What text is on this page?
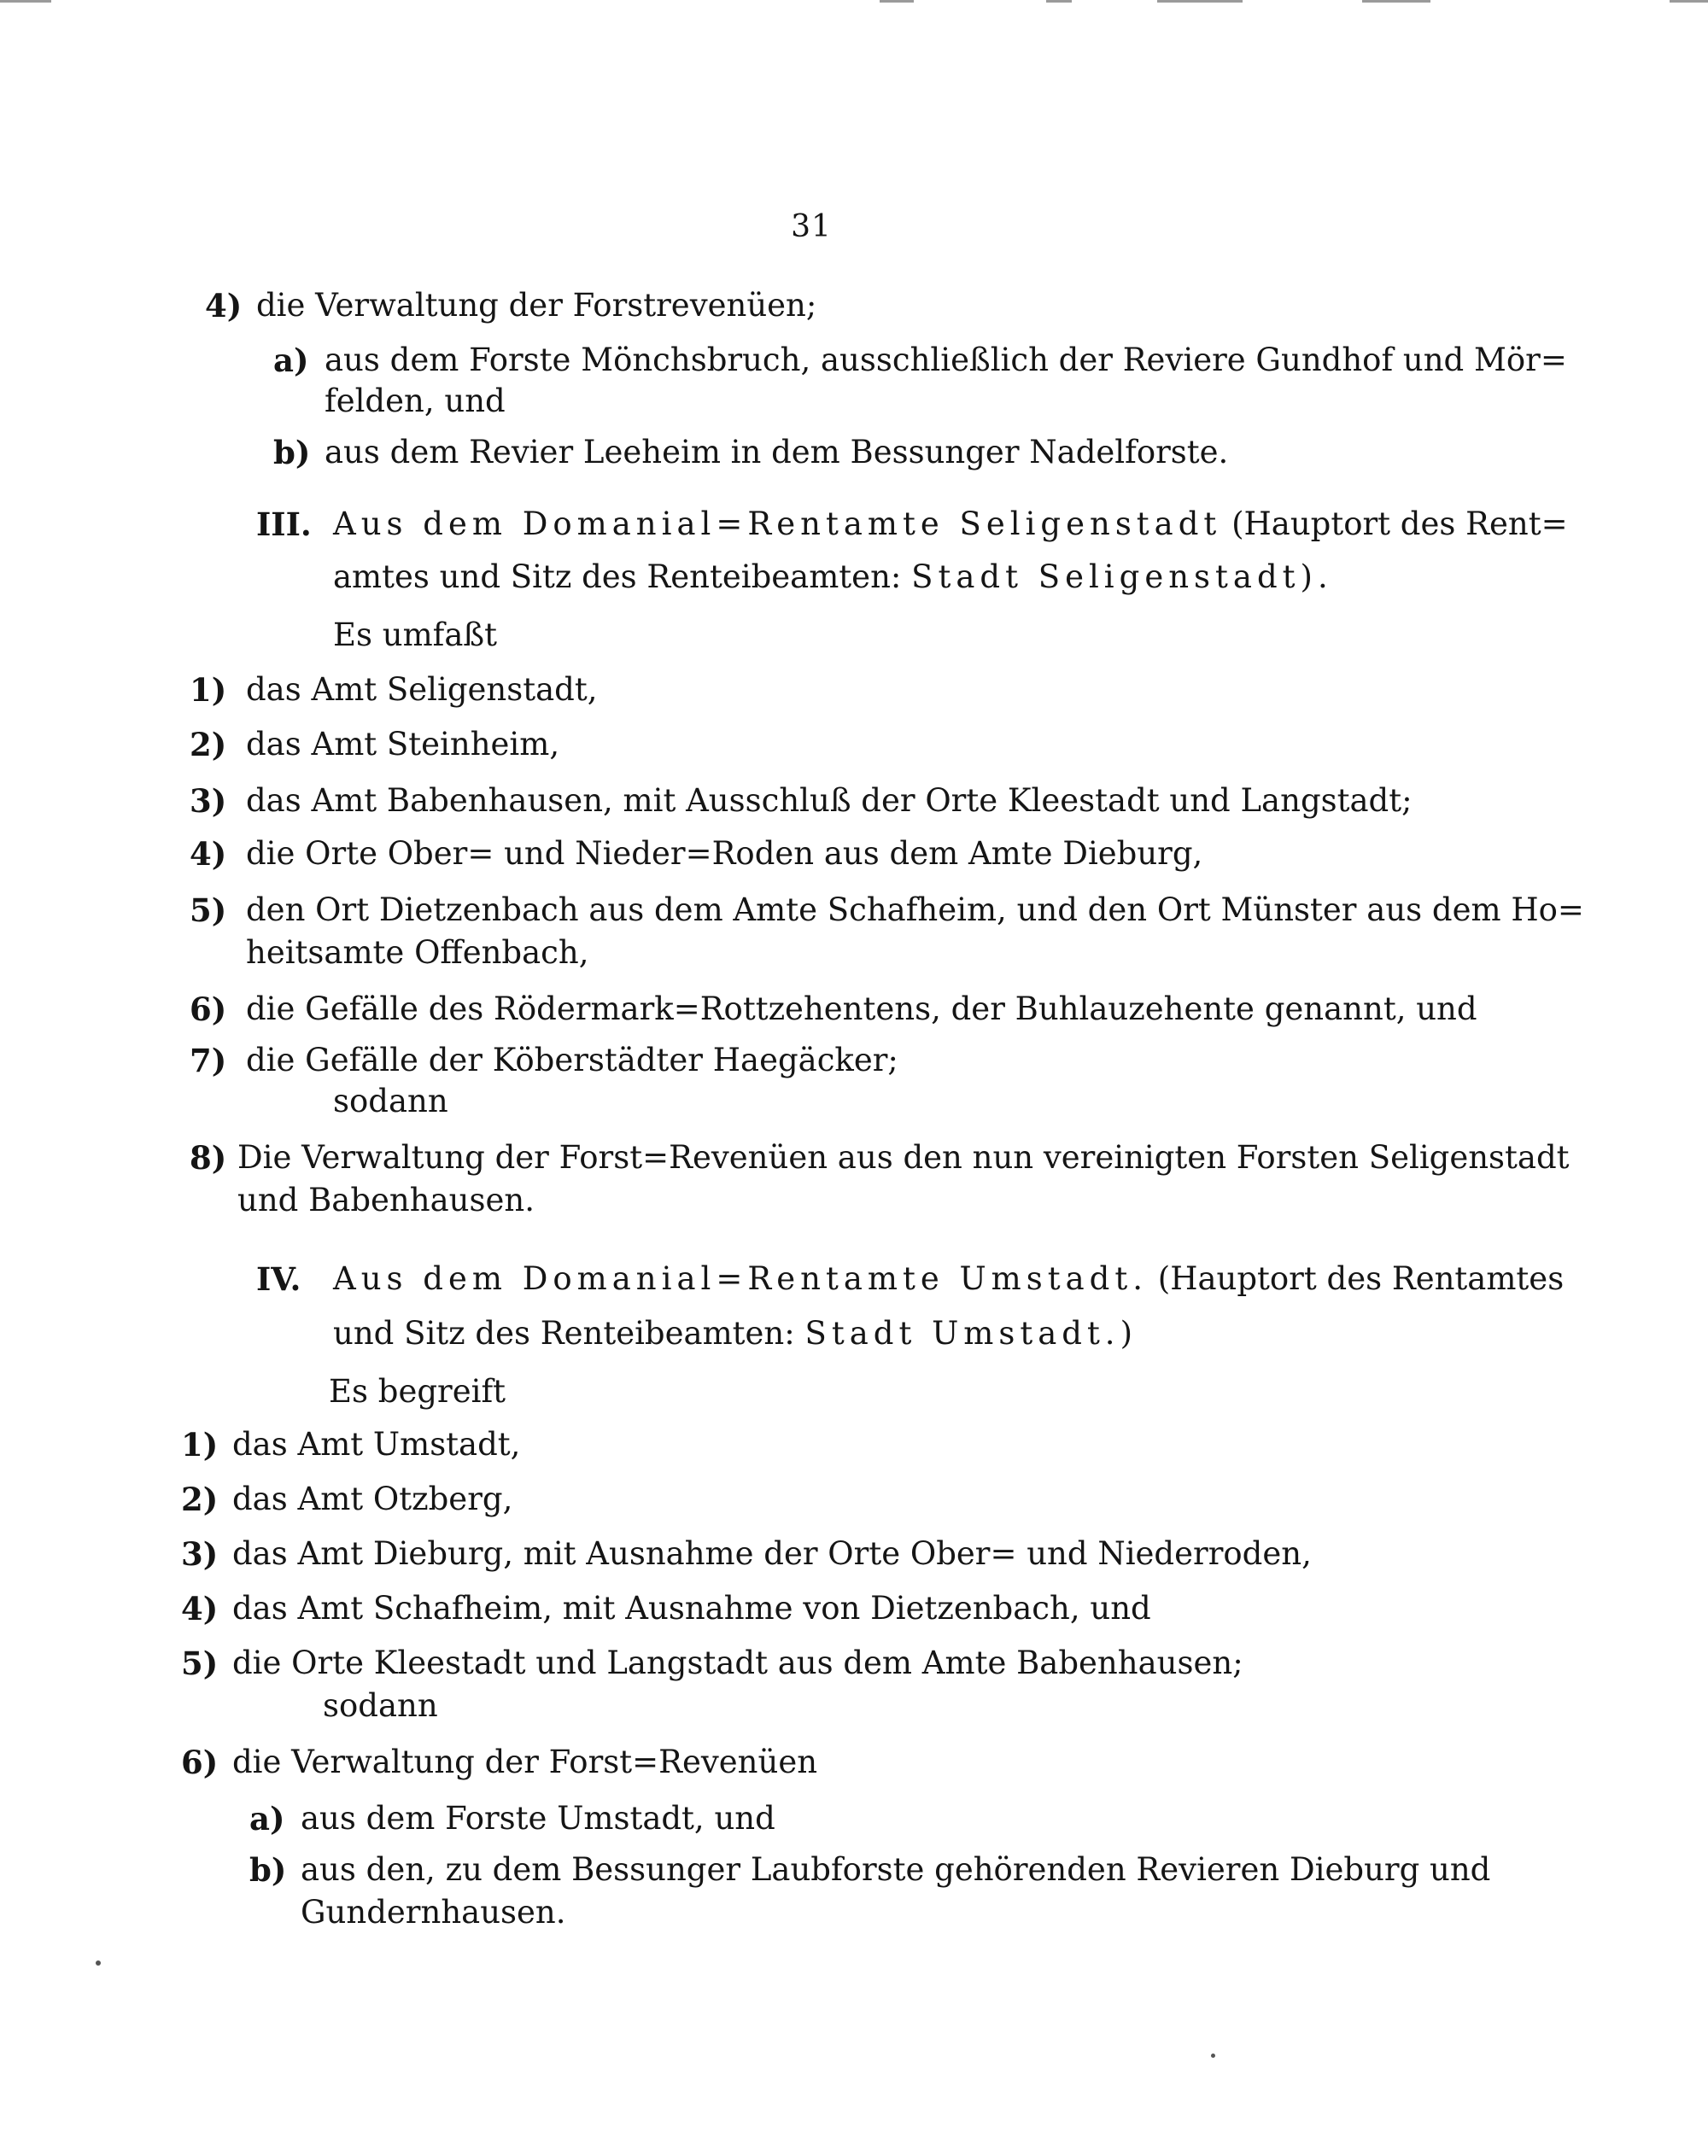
31
4) die Verwaltung der Forstrevenüen;
a) aus dem Forste Mönchsbruch, ausschließlich der Reviere Gundhof und Mör=
felden, und
b) aus dem Revier Leeheim in dem Bessunger Nadelforste.
III. Aus dem Domanial=Rentamte Seligenstadt (Hauptort des Rent=
amtes und Sitz des Renteibeamten: Stadt Seligenstadt).
Es umfaßt
1) das Amt Seligenstadt,
2) das Amt Steinheim,
3) das Amt Babenhausen, mit Ausschluß der Orte Kleestadt und Langstadt;
4) die Orte Ober= und Nieder=Roden aus dem Amte Dieburg,
5) den Ort Dietzenbach aus dem Amte Schafheim, und den Ort Münster aus dem Ho=
heitsamte Offenbach,
6) die Gefälle des Rödermark=Rottzehentens, der Buhlauzehente genannt, und
7) die Gefälle der Köberstädter Haegäcker;
sodann
8) Die Verwaltung der Forst=Revenüen aus den nun vereinigten Forsten Seligenstadt
und Babenhausen.
IV. Aus dem Domanial=Rentamte Umstadt. (Hauptort des Rentamtes
und Sitz des Renteibeamten: Stadt Umstadt.)
Es begreift
1) das Amt Umstadt,
2) das Amt Otzberg,
3) das Amt Dieburg, mit Ausnahme der Orte Ober= und Niederroden,
4) das Amt Schafheim, mit Ausnahme von Dietzenbach, und
5) die Orte Kleestadt und Langstadt aus dem Amte Babenhausen;
sodann
6) die Verwaltung der Forst=Revenüen
a) aus dem Forste Umstadt, und
b) aus den, zu dem Bessunger Laubforste gehörenden Revieren Dieburg und
Gundernhausen.
